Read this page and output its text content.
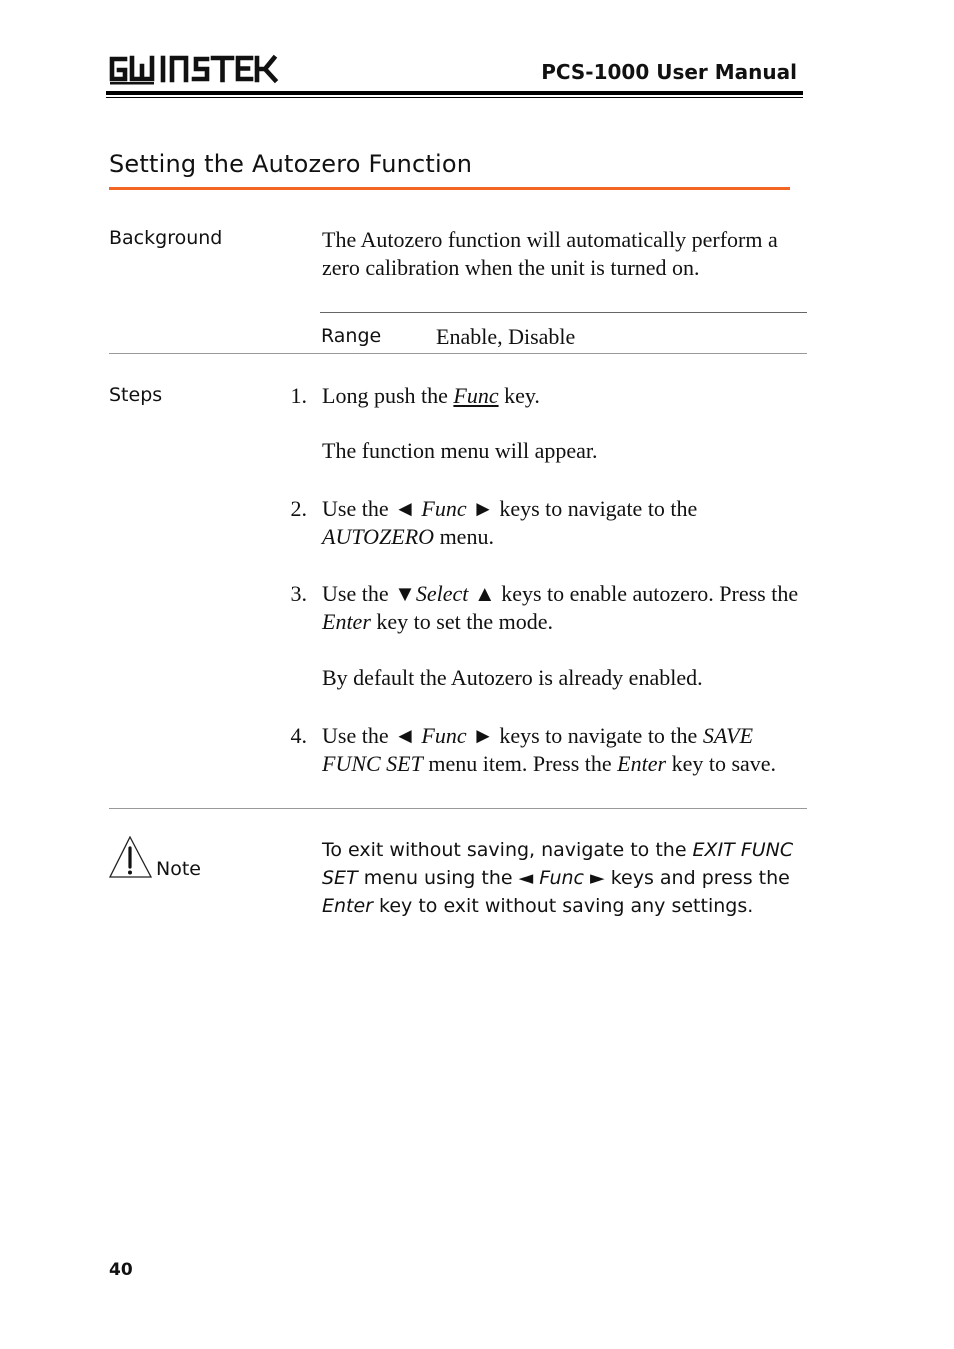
PCS-1000 User Manual
Setting the Autozero Function
Background	The Autozero function will automatically perform a zero calibration when the unit is turned on.
Range Enable, Disable
Steps	1. Long push the Func key.
The function menu will appear.
2. Use the ◄ Func ► keys to navigate to the AUTOZERO menu.
3. Use the ▼Select ▲ keys to enable autozero. Press the Enter key to set the mode.
By default the Autozero is already enabled.
4. Use the ◄ Func ► keys to navigate to the SAVE FUNC SET menu item. Press the Enter key to save.
Note
To exit without saving, navigate to the EXIT FUNC SET menu using the ◄ Func ► keys and press the Enter key to exit without saving any settings.
40
